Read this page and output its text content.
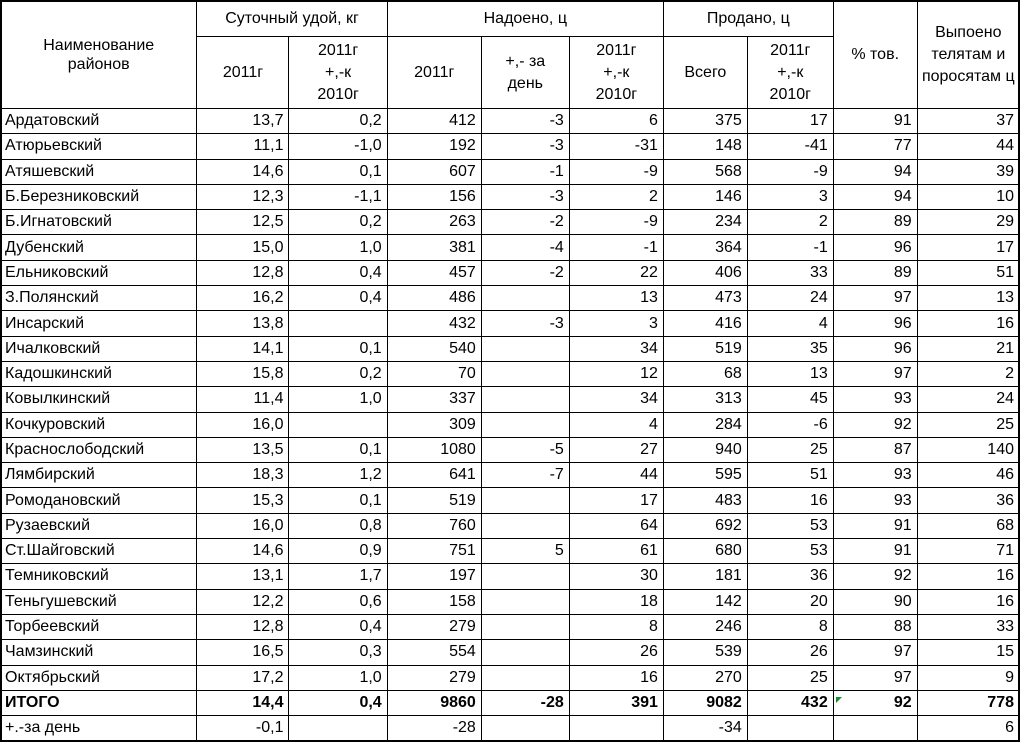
Наименование районов	Суточный удой, кг		Надоено, ц			Продано, ц		% тов.	Выпоено телятам и поросятам ц
	2011г	2011г +,-к 2010г	2011г	+,- за день	2011г +,-к 2010г	Всего	2011г +,-к 2010г		
Ардатовский	13,7	0,2	412	-3	6	375	17	91	37
Атюрьевский	11,1	-1,0	192	-3	-31	148	-41	77	44
Атяшевский	14,6	0,1	607	-1	-9	568	-9	94	39
Б.Березниковский	12,3	-1,1	156	-3	2	146	3	94	10
Б.Игнатовский	12,5	0,2	263	-2	-9	234	2	89	29
Дубенский	15,0	1,0	381	-4	-1	364	-1	96	17
Ельниковский	12,8	0,4	457	-2	22	406	33	89	51
З.Полянский	16,2	0,4	486		13	473	24	97	13
Инсарский	13,8		432	-3	3	416	4	96	16
Ичалковский	14,1	0,1	540		34	519	35	96	21
Кадошкинский	15,8	0,2	70		12	68	13	97	2
Ковылкинский	11,4	1,0	337		34	313	45	93	24
Кочкуровский	16,0		309		4	284	-6	92	25
Краснослободский	13,5	0,1	1080	-5	27	940	25	87	140
Лямбирский	18,3	1,2	641	-7	44	595	51	93	46
Ромодановский	15,3	0,1	519		17	483	16	93	36
Рузаевский	16,0	0,8	760		64	692	53	91	68
Ст.Шайговский	14,6	0,9	751	5	61	680	53	91	71
Темниковский	13,1	1,7	197		30	181	36	92	16
Теньгушевский	12,2	0,6	158		18	142	20	90	16
Торбеевский	12,8	0,4	279		8	246	8	88	33
Чамзинский	16,5	0,3	554		26	539	26	97	15
Октябрьский	17,2	1,0	279		16	270	25	97	9
ИТОГО	14,4	0,4	9860	-28	391	9082	432	92	778
+.-за день	-0,1		-28			-34			6
